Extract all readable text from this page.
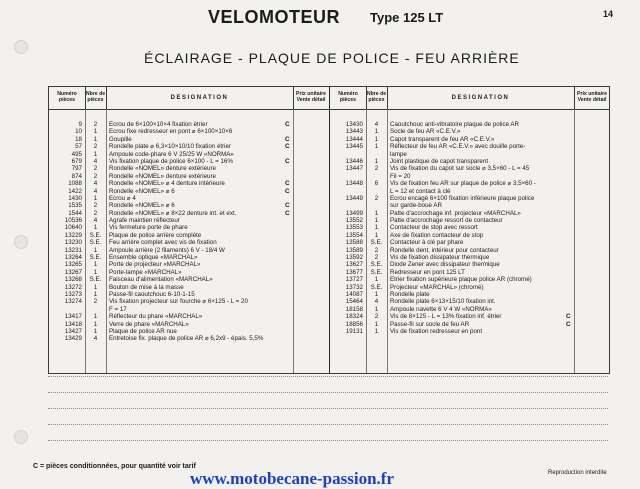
VELOMOTEUR Type 125 LT	14
ÉCLAIRAGE - PLAQUE DE POLICE - FEU ARRIÈRE
Numéro pièces
Nbre de pièces	DESIGNATION
Prix unitaire Vente détail
9	2	Ecrou de 6×100×10×4 fixation étrier	C
10	1	Ecrou fixe redresseur en pont ⌀ 6×100×10×6
18	1	Goupille	C
57	2	Rondelle plate ⌀ 6,3×10×10/10 fixation étrier	C
495	1	Ampoule code-phare 6 V 25/25 W «NORMA»
679	4	Vis fixation plaque de police 6×100 - L = 16%	C
797	2	Rondelle «NOMEL» denture extérieure
874	2	Rondelle «NOMEL» denture extérieure
1088	4	Rondelle «NOMEL» ⌀ 4 denture intérieure	C
1422	4	Rondelle «NOMEL» ⌀ 6	C
1430	1	Ecrou ⌀ 4
1535	2	Rondelle «NOMEL» ⌀ 6	C
1544	2	Rondelle «NOMEL» ⌀ 8×22 denture int. et ext.	C
10536	4	Agrafe maintien réflecteur
10640	1	Vis fermeture porte de phare
13229	S.E.	Plaque de police arrière complète
13230	S.E.	Feu arrière complet avec vis de fixation
13231	1	Ampoule arrière (2 filaments) 6 V - 18/4 W
13264	S.E.	Ensemble optique «MARCHAL»
13265	1	Porte de projecteur «MARCHAL»
13267	1	Porte-lampe «MARCHAL»
13268	S.E.	Faisceau d'alimentation «MARCHAL»
13272	1	Bouton de mise à la masse
13273	1	Passe-fil caoutchouc 6-10-1-15
13274	2	Vis fixation projecteur sur fourche ⌀ 6×125 - L = 20
F = 17
13417	1	Réflecteur du phare «MARCHAL»
13418	1	Verre de phare «MARCHAL»
13427	1	Plaque de police AR nue
13429	4	Entretoise fix. plaque de police AR ⌀ 6,2x9 - épais. 5,5%
Numéro pièces
Nbre de pièces	DESIGNATION
Prix unitaire Vente détail
13430	4	Caoutchouc anti-vibratoire plaque de police AR
13443	1	Socle de feu AR «C.E.V.»
13444	1	Capot transparent de feu AR «C.E.V.»
13445	1	Réflecteur de feu AR «C.E.V.» avec douille porte-
lampe
13446	1	Joint plastique de capot transparent
13447	2	Vis de fixation du capot sur socle ⌀ 3,5×60 - L = 45
Fil = 20
13448	6	Vis de fixation feu AR sur plaque de police ⌀ 3,5×60 -
L = 12 et contact à clé
13449	2	Ecrou encagé 6×100 fixation inférieure plaque police
sur garde-boue AR
13499	1	Patte d'accrochage inf. projecteur «MARCHAL»
13552	1	Patte d'accrochage ressort de contacteur
13553	1	Contacteur de stop avec ressort
13554	1	Axe de fixation contacteur de stop
13588	S.E.	Contacteur à clé par phare
13589	2	Rondelle dent. intérieur pour contacteur
13592	2	Vis de fixation dissipateur thermique
13627	S.E.	Diode Zener avec dissipateur thermique
13677	S.E.	Redresseur en pont 125 LT
13727	1	Etrier fixation supérieure plaque police AR (chromé)
13732	S.E.	Projecteur «MARCHAL» (chromé)
14087	1	Rondelle plate
15464	4	Rondelle plate 6×13×15/10 fixation int.
18158	1	Ampoule navette 6 V 4 W «NORMA»
18324	2	Vis de 8×125 - L = 13% fixation inf. étrier	C
18856	1	Passe-fil sur socle de feu AR	C
19131	1	Vis de fixation redresseur en pont
C = pièces conditionnées, pour quantité voir tarif
www.motobecane-passion.fr	Reproduction interdite
